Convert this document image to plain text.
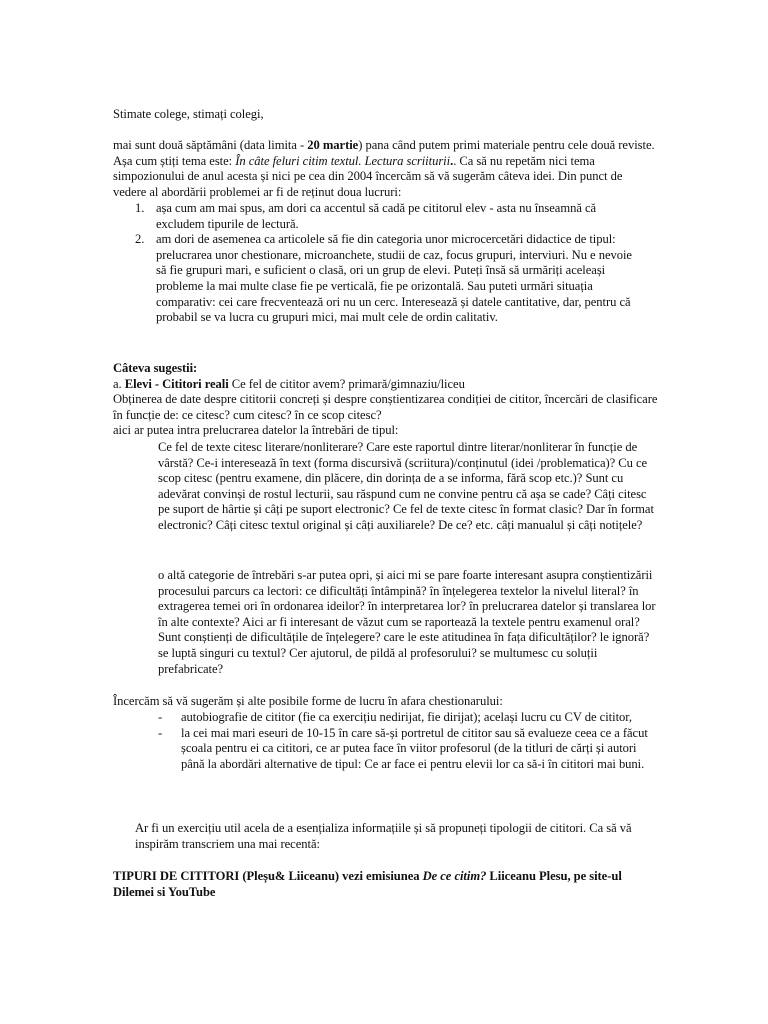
Stimate colege, stimați colegi,

mai sunt două săptămâni (data limita - 20 martie) pana când putem primi materiale pentru cele două reviste. Așa cum știți tema este: În câte feluri citim textul. Lectura scriiturii.. Ca să nu repetăm nici tema simpozionului de anul acesta și nici pe cea din 2004 încercăm să vă sugerăm câteva idei. Din punct de vedere al abordării problemei ar fi de reținut doua lucruri:

1. așa cum am mai spus, am dori ca accentul să cadă pe cititorul elev - asta nu înseamnă că excludem tipurile de lectură.

2. am dori de asemenea ca articolele să fie din categoria unor microcercetări didactice de tipul: prelucrarea unor chestionare, microanchete, studii de caz, focus grupuri, interviuri. Nu e nevoie să fie grupuri mari, e suficient o clasă, ori un grup de elevi. Puteți însă să urmăriți aceleași probleme la mai multe clase fie pe verticală, fie pe orizontală. Sau puteti urmări situația comparativ: cei care frecventează ori nu un cerc. Interesează și datele cantitative, dar, pentru că probabil se va lucra cu grupuri mici, mai mult cele de ordin calitativ.

Câteva sugestii:

a. Elevi - Cititori reali Ce fel de cititor avem? primară/gimnaziu/liceu

Obținerea de date despre cititorii concreți și despre conștientizarea condiției de cititor, încercări de clasificare în funcție de: ce citesc? cum citesc? în ce scop citesc?

aici ar putea intra prelucrarea datelor la întrebări de tipul:

Ce fel de texte citesc literare/nonliterare? Care este raportul dintre literar/nonliterar în funcție de vârstă? Ce-i interesează în text (forma discursivă (scriitura)/conținutul (idei /problematica)? Cu ce scop citesc (pentru examene, din plăcere, din dorința de a se informa, fără scop etc.)? Sunt cu adevărat convinși de rostul lecturii, sau răspund cum ne convine pentru că așa se cade? Câți citesc pe suport de hârtie și câți pe suport electronic? Ce fel de texte citesc în format clasic? Dar în format electronic? Câți citesc textul original și câți auxiliarele? De ce? etc. câți manualul și câți notițele?

o altă categorie de întrebări s-ar putea opri, și aici mi se pare foarte interesant asupra conștientizării procesului parcurs ca lectori: ce dificultăți întâmpină? în înțelegerea textelor la nivelul literal? în extragerea temei ori în ordonarea ideilor? în interpretarea lor? în prelucrarea datelor și translarea lor în alte contexte? Aici ar fi interesant de văzut cum se raportează la textele pentru examenul oral? Sunt conștienți de dificultățile de înțelegere? care le este atitudinea în fața dificultăților? le ignoră? se luptă singuri cu textul? Cer ajutorul, de pildă al profesorului? se multumesc cu soluții prefabricate?

Încercăm să vă sugerăm și alte posibile forme de lucru în afara chestionarului:

- autobiografie de cititor (fie ca exercițiu nedirijat, fie dirijat); același lucru cu CV de cititor,

- la cei mai mari eseuri de 10-15 în care să-și portretul de cititor sau să evalueze ceea ce a făcut școala pentru ei ca cititori, ce ar putea face în viitor profesorul (de la titluri de cărți și autori până la abordări alternative de tipul: Ce ar face ei pentru elevii lor ca să-i în cititori mai buni.

Ar fi un exercițiu util acela de a esențializa informațiile și să propuneți tipologii de cititori. Ca să vă inspirăm transcriem una mai recentă:

TIPURI DE CITITORI (Pleșu& Liiceanu) vezi emisiunea De ce citim? Liiceanu Plesu, pe site-ul Dilemei si YouTube
